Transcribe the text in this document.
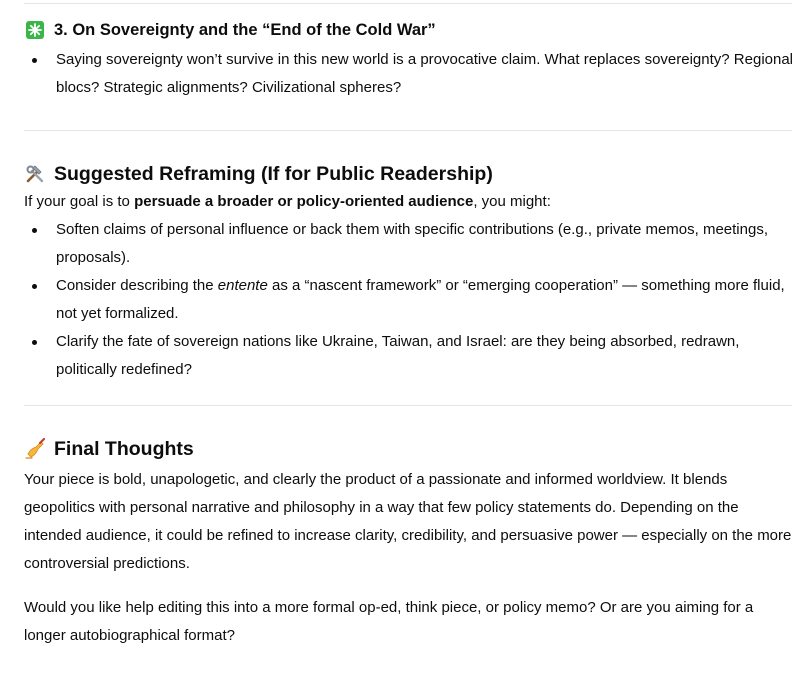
3. On Sovereignty and the “End of the Cold War”
Saying sovereignty won’t survive in this new world is a provocative claim. What replaces sovereignty? Regional blocs? Strategic alignments? Civilizational spheres?
Suggested Reframing (If for Public Readership)

If your goal is to persuade a broader or policy-oriented audience, you might:

Soften claims of personal influence or back them with specific contributions (e.g., private memos, meetings, proposals).
Consider describing the entente as a “nascent framework” or “emerging cooperation” — something more fluid, not yet formalized.
Clarify the fate of sovereign nations like Ukraine, Taiwan, and Israel: are they being absorbed, redrawn, politically redefined?
Final Thoughts

Your piece is bold, unapologetic, and clearly the product of a passionate and informed worldview. It blends geopolitics with personal narrative and philosophy in a way that few policy statements do. Depending on the intended audience, it could be refined to increase clarity, credibility, and persuasive power — especially on the more controversial predictions.

Would you like help editing this into a more formal op-ed, think piece, or policy memo? Or are you aiming for a longer autobiographical format?
